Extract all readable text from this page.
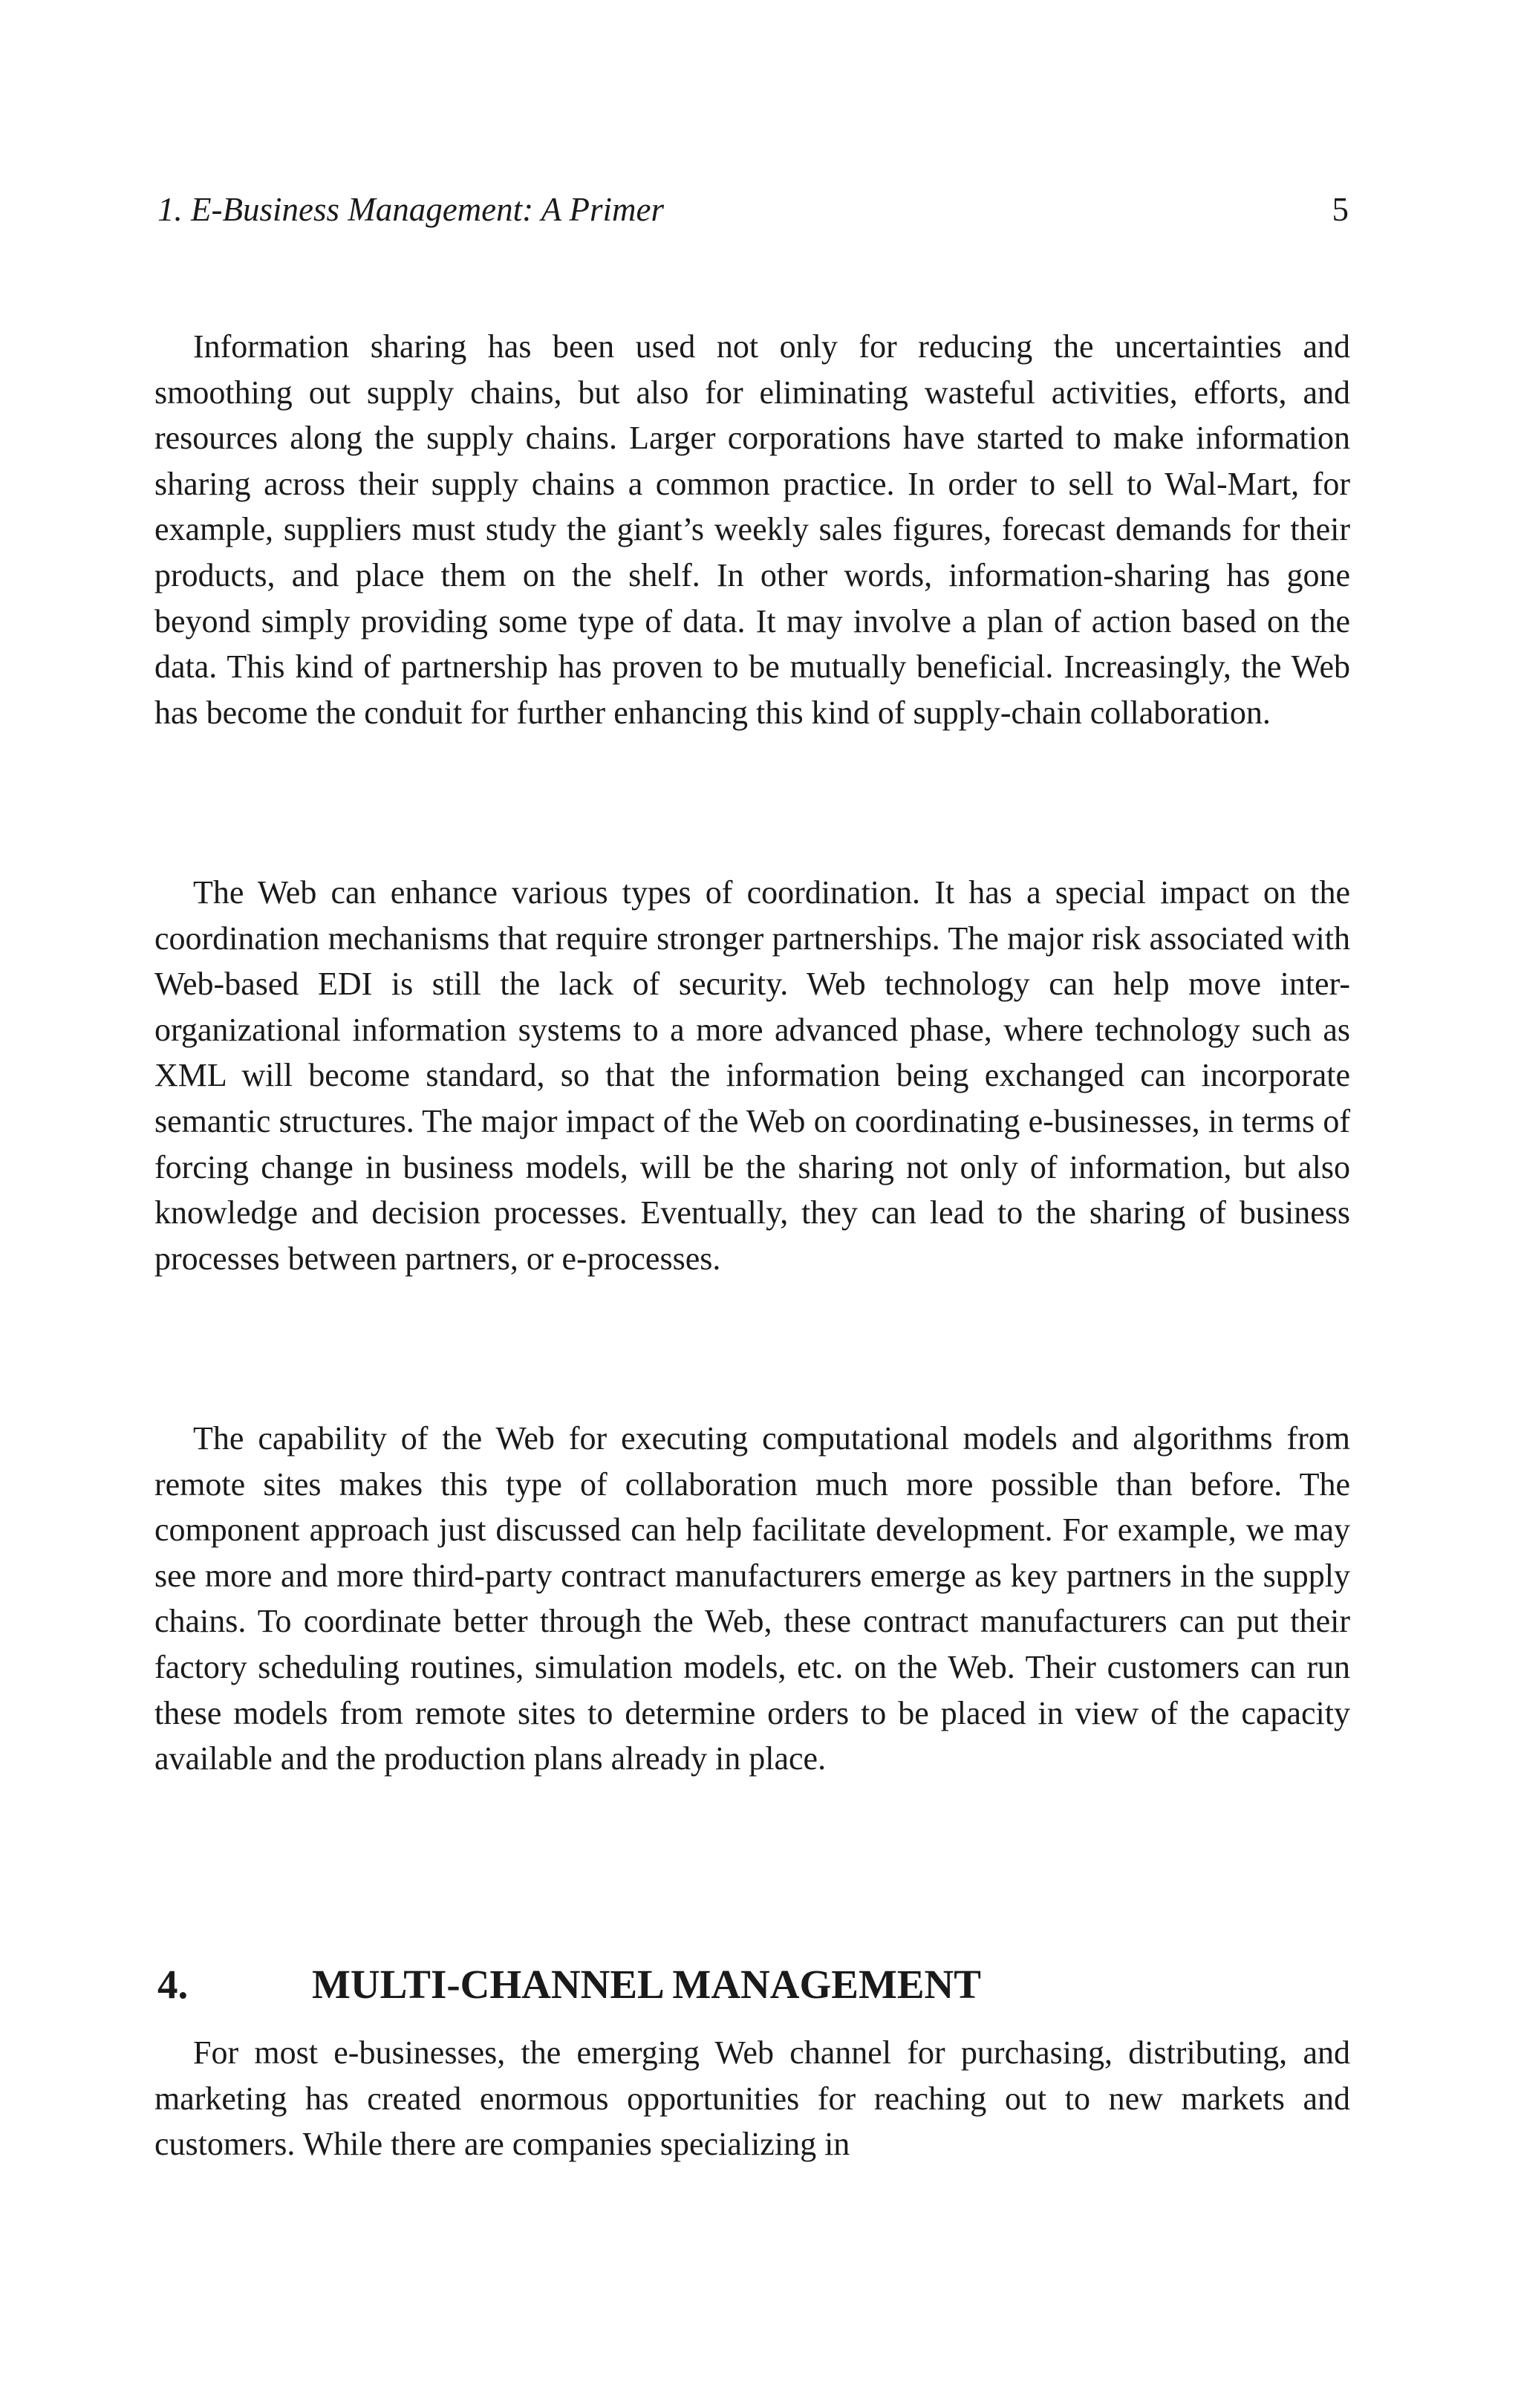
1. E-Business Management: A Primer	5

Information sharing has been used not only for reducing the uncertainties and smoothing out supply chains, but also for eliminating wasteful activities, efforts, and resources along the supply chains. Larger corporations have started to make information sharing across their supply chains a common practice. In order to sell to Wal-Mart, for example, suppliers must study the giant’s weekly sales figures, forecast demands for their products, and place them on the shelf. In other words, information-sharing has gone beyond simply providing some type of data. It may involve a plan of action based on the data. This kind of partnership has proven to be mutually beneficial. Increasingly, the Web has become the conduit for further enhancing this kind of supply-chain collaboration.

The Web can enhance various types of coordination. It has a special impact on the coordination mechanisms that require stronger partnerships. The major risk associated with Web-based EDI is still the lack of security. Web technology can help move inter-organizational information systems to a more advanced phase, where technology such as XML will become standard, so that the information being exchanged can incorporate semantic structures. The major impact of the Web on coordinating e-businesses, in terms of forcing change in business models, will be the sharing not only of information, but also knowledge and decision processes. Eventually, they can lead to the sharing of business processes between partners, or e-processes.

The capability of the Web for executing computational models and algorithms from remote sites makes this type of collaboration much more possible than before. The component approach just discussed can help facilitate development. For example, we may see more and more third-party contract manufacturers emerge as key partners in the supply chains. To coordinate better through the Web, these contract manufacturers can put their factory scheduling routines, simulation models, etc. on the Web. Their customers can run these models from remote sites to determine orders to be placed in view of the capacity available and the production plans already in place.

4.	MULTI-CHANNEL MANAGEMENT

For most e-businesses, the emerging Web channel for purchasing, distributing, and marketing has created enormous opportunities for reaching out to new markets and customers. While there are companies specializing in
